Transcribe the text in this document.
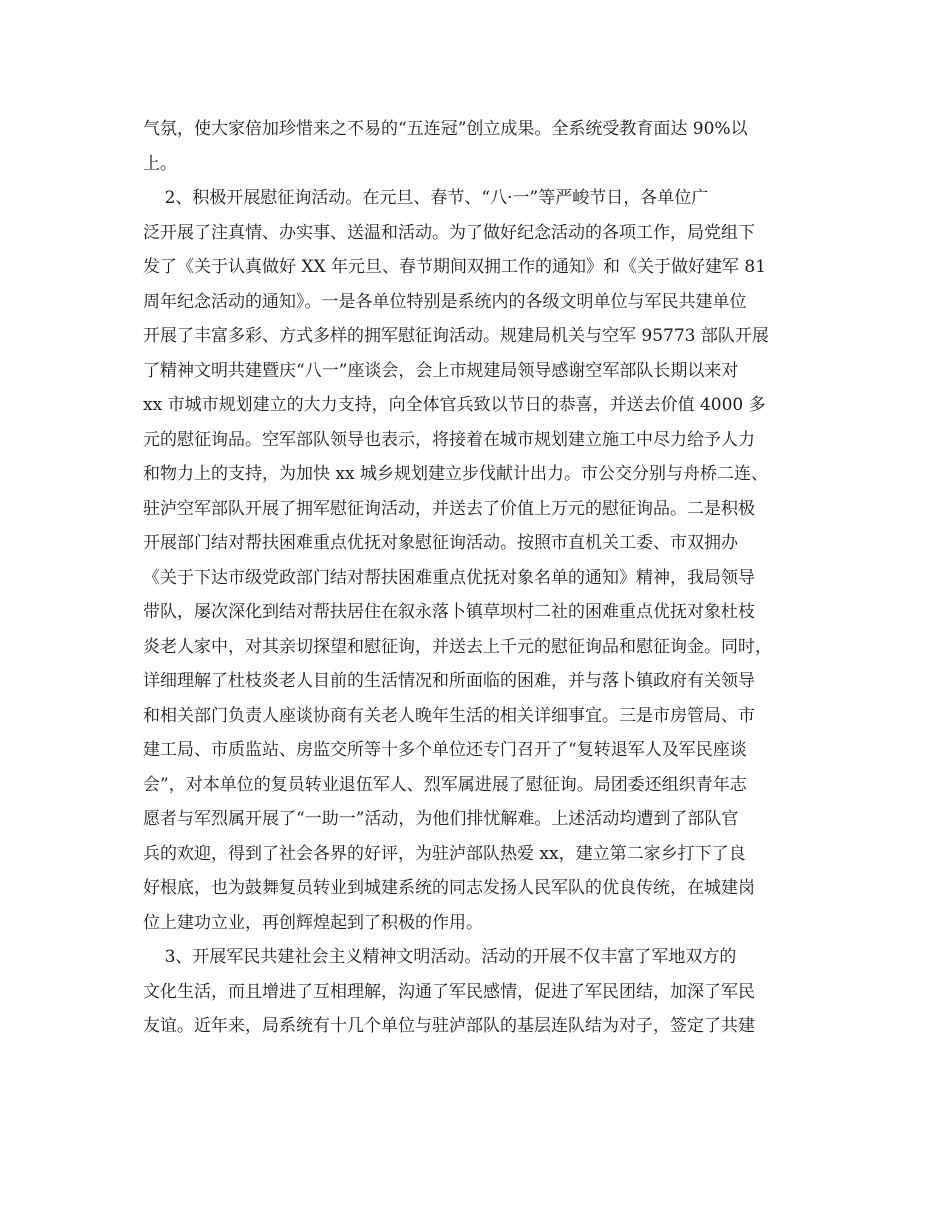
气氛，使大家倍加珍惜来之不易的“五连冠”创立成果。全系统受教育面达 90%以
上。
2、积极开展慰征询活动。在元旦、春节、“八·一”等严峻节日，各单位广
泛开展了注真情、办实事、送温和活动。为了做好纪念活动的各项工作，局党组下
发了《关于认真做好 XX 年元旦、春节期间双拥工作的通知》和《关于做好建军 81
周年纪念活动的通知》。一是各单位特别是系统内的各级文明单位与军民共建单位
开展了丰富多彩、方式多样的拥军慰征询活动。规建局机关与空军 95773 部队开展
了精神文明共建暨庆“八一”座谈会，会上市规建局领导感谢空军部队长期以来对
xx 市城市规划建立的大力支持，向全体官兵致以节日的恭喜，并送去价值 4000 多
元的慰征询品。空军部队领导也表示，将接着在城市规划建立施工中尽力给予人力
和物力上的支持，为加快 xx 城乡规划建立步伐献计出力。市公交分别与舟桥二连、
驻泸空军部队开展了拥军慰征询活动，并送去了价值上万元的慰征询品。二是积极
开展部门结对帮扶困难重点优抚对象慰征询活动。按照市直机关工委、市双拥办
《关于下达市级党政部门结对帮扶困难重点优抚对象名单的通知》精神，我局领导
带队，屡次深化到结对帮扶居住在叙永落卜镇草坝村二社的困难重点优抚对象杜枝
炎老人家中，对其亲切探望和慰征询，并送去上千元的慰征询品和慰征询金。同时，
详细理解了杜枝炎老人目前的生活情况和所面临的困难，并与落卜镇政府有关领导
和相关部门负责人座谈协商有关老人晚年生活的相关详细事宜。三是市房管局、市
建工局、市质监站、房监交所等十多个单位还专门召开了“复转退军人及军民座谈
会”，对本单位的复员转业退伍军人、烈军属进展了慰征询。局团委还组织青年志
愿者与军烈属开展了“一助一”活动，为他们排忧解难。上述活动均遭到了部队官
兵的欢迎，得到了社会各界的好评，为驻泸部队热爱 xx，建立第二家乡打下了良
好根底，也为鼓舞复员转业到城建系统的同志发扬人民军队的优良传统，在城建岗
位上建功立业，再创辉煌起到了积极的作用。
3、开展军民共建社会主义精神文明活动。活动的开展不仅丰富了军地双方的
文化生活，而且增进了互相理解，沟通了军民感情，促进了军民团结，加深了军民
友谊。近年来，局系统有十几个单位与驻泸部队的基层连队结为对子，签定了共建
